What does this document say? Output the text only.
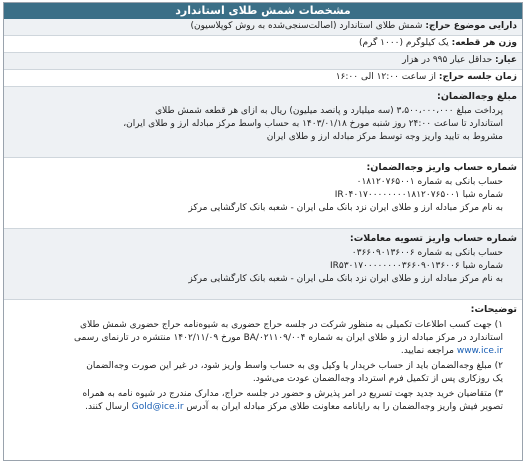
مشخصات شمش طلای استاندارد
دارایی موضوع حراج: شمش طلای استاندارد (اصالت‌سنجی‌شده به روش کوپلاسیون)
وزن هر قطعه: یک کیلوگرم (۱۰۰۰ گرم)
عیار: حداقل عیار ۹۹۵ در هزار
زمان جلسه حراج: از ساعت ۱۲:۰۰ الی ۱۶:۰۰
مبلغ وجه‌الضمان:
پرداخت مبلغ ۳،۵۰۰،۰۰۰،۰۰۰ (سه میلیارد و پانصد میلیون) ریال به ازای هر قطعه شمش طلای
استاندارد تا ساعت ۲۴:۰۰ روز شنبه مورخ ۱۴۰۳/۰۱/۱۸ به حساب واسط مرکز مبادله ارز و طلای ایران،
مشروط به تایید واریز وجه توسط مرکز مبادله ارز و طلای ایران
شماره حساب واریز وجه‌الضمان:
حساب بانکی به شماره ۰۱۸۱۲۰۷۶۵۰۰۱
شماره شبا IR۰۴۰۱۷۰۰۰۰۰۰۰۰۱۸۱۲۰۷۶۵۰۰۱
به نام مرکز مبادله ارز و طلای ایران نزد بانک ملی ایران - شعبه بانک کارگشایی مرکز
شماره حساب واریز تسویه معاملات:
حساب بانکی به شماره ۰۳۶۶۰۹۰۱۳۶۰۰۶
شماره شبا IR۵۳۰۱۷۰۰۰۰۰۰۰۰۳۶۶۰۹۰۱۳۶۰۰۶
به نام مرکز مبادله ارز و طلای ایران نزد بانک ملی ایران - شعبه بانک کارگشایی مرکز
توضیحات:
۱) جهت کسب اطلاعات تکمیلی به منظور شرکت در جلسه حراج حضوری به شیوه‌نامه حراج حضوری شمش طلای
استاندارد در مرکز مبادله ارز و طلای ایران به شماره BA/۰۲۱۱۰۹/۰۰۴ مورخ ۱۴۰۲/۱۱/۰۹ منتشره در تارنمای رسمی
www.ice.ir مراجعه نمایید.
۲) مبلغ وجه‌الضمان باید از حساب خریدار یا وکیل وی به حساب واسط واریز شود، در غیر این صورت وجه‌الضمان
یک روزکاری پس از تکمیل فرم استرداد وجه‌الضمان عودت می‌شود.
۳) متقاضیان خرید جدید جهت تسریع در امر پذیرش و حضور در جلسه حراج، مدارک مندرج در شیوه نامه به همراه
تصویر فیش واریز وجه‌الضمان را به رایانامه معاونت طلای مرکز مبادله ایران به آدرس Gold@ice.ir ارسال کنند.
